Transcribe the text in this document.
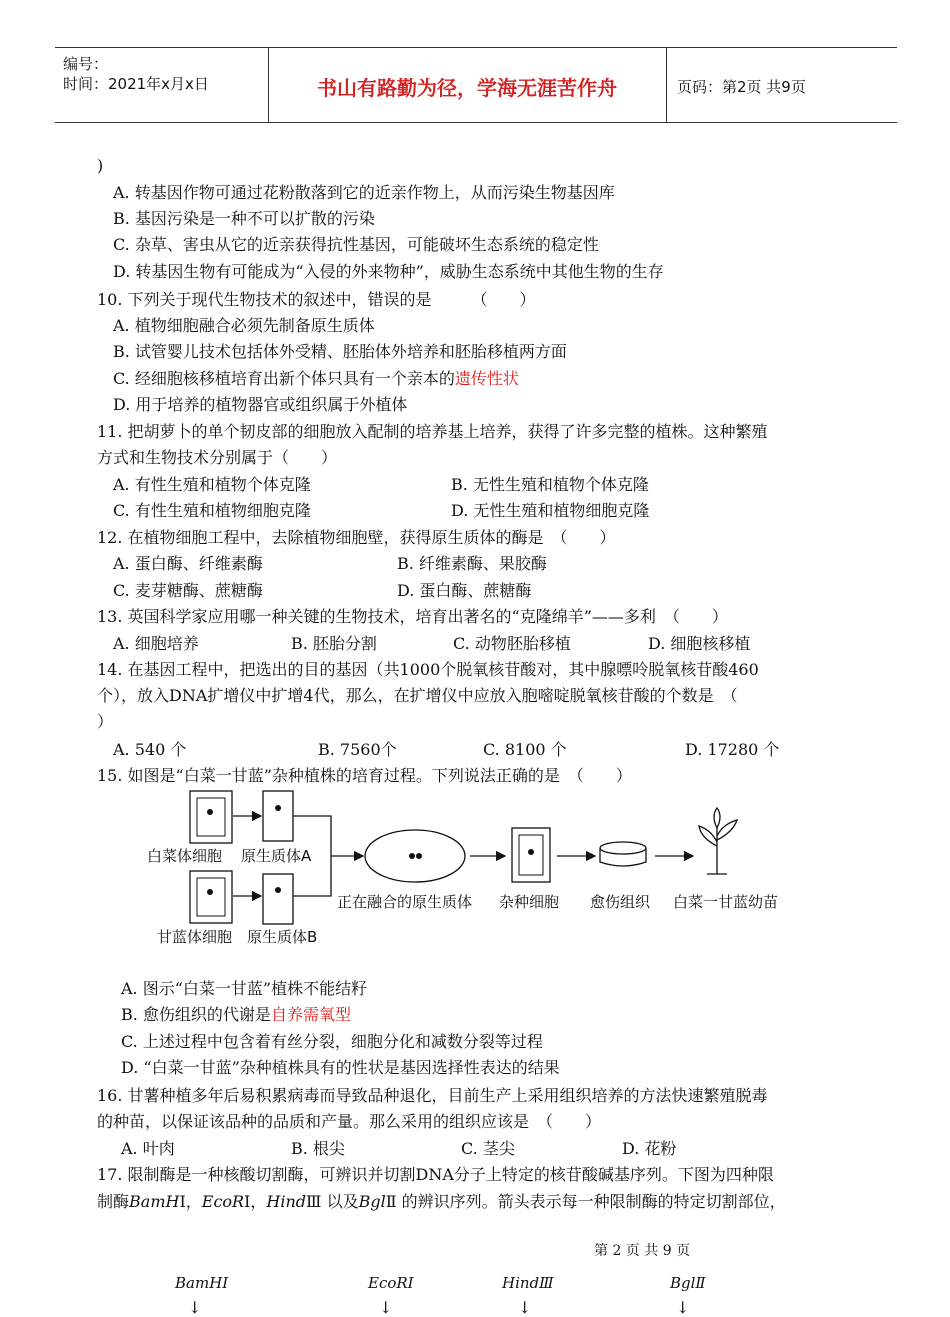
编号：
时间：2021年x月x日	书山有路勤为径，学海无涯苦作舟	页码：第2页 共9页
)
A. 转基因作物可通过花粉散落到它的近亲作物上，从而污染生物基因库
B. 基因污染是一种不可以扩散的污染
C. 杂草、害虫从它的近亲获得抗性基因，可能破坏生态系统的稳定性
D. 转基因生物有可能成为“入侵的外来物种”，威胁生态系统中其他生物的生存
10. 下列关于现代生物技术的叙述中，错误的是　　　（　　）
A. 植物细胞融合必须先制备原生质体
B. 试管婴儿技术包括体外受精、胚胎体外培养和胚胎移植两方面
C. 经细胞核移植培育出新个体只具有一个亲本的遗传性状
D. 用于培养的植物器官或组织属于外植体
11. 把胡萝卜的单个韧皮部的细胞放入配制的培养基上培养，获得了许多完整的植株。这种繁殖
方式和生物技术分别属于（　　）
A. 有性生殖和植物个体克隆	B. 无性生殖和植物个体克隆
C. 有性生殖和植物细胞克隆	D. 无性生殖和植物细胞克隆
12. 在植物细胞工程中，去除植物细胞壁，获得原生质体的酶是　（　　）
A. 蛋白酶、纤维素酶	B. 纤维素酶、果胶酶
C. 麦芽糖酶、蔗糖酶	D. 蛋白酶、蔗糖酶
13. 英国科学家应用哪一种关键的生物技术，培育出著名的“克隆绵羊”——多利　（　　）
A. 细胞培养	B. 胚胎分割	C. 动物胚胎移植	D. 细胞核移植
14. 在基因工程中，把选出的目的基因（共1000个脱氧核苷酸对，其中腺嘌呤脱氧核苷酸460
个），放入DNA扩增仪中扩增4代，那么，在扩增仪中应放入胞嘧啶脱氧核苷酸的个数是　（
）
A. 540 个	B. 7560个	C. 8100 个	D. 17280 个
15. 如图是“白菜一甘蓝”杂种植株的培育过程。下列说法正确的是　（　　）
白菜体细胞 原生质体A
正在融合的原生质体 杂种细胞 愈伤组织 白菜一甘蓝幼苗
甘蓝体细胞 原生质体B
A. 图示“白菜一甘蓝”植株不能结籽
B. 愈伤组织的代谢是自养需氧型
C. 上述过程中包含着有丝分裂，细胞分化和减数分裂等过程
D. “白菜一甘蓝”杂种植株具有的性状是基因选择性表达的结果
16. 甘薯种植多年后易积累病毒而导致品种退化，目前生产上采用组织培养的方法快速繁殖脱毒
的种苗，以保证该品种的品质和产量。那么采用的组织应该是　（　　）
A. 叶肉	B. 根尖	C. 茎尖	D. 花粉
17. 限制酶是一种核酸切割酶，可辨识并切割DNA分子上特定的核苷酸碱基序列。下图为四种限
制酶BamHⅠ，EcoRⅠ，HindⅢ 以及BglⅡ 的辨识序列。箭头表示每一种限制酶的特定切割部位，
第 2 页 共 9 页
BamHⅠ	EcoRⅠ	HindⅢ	BglⅡ
↓	↓	↓	↓
